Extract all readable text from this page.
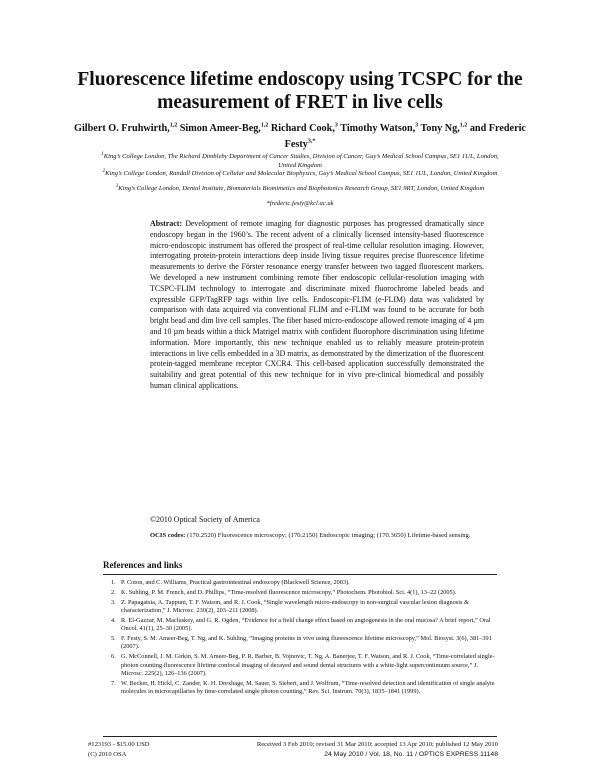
Fluorescence lifetime endoscopy using TCSPC for the measurement of FRET in live cells
Gilbert O. Fruhwirth,$^{1,2}$ Simon Ameer-Beg,$^{1,2}$ Richard Cook,$^3$ Timothy Watson,$^3$ Tony Ng,$^{1,2}$ and Frederic Festy$^{3,*}$
$^1$King’s College London, The Richard Dimbleby Department of Cancer Studies, Division of Cancer, Guy’s Medical School Campus, SE1 1UL, London, United Kingdom
$^2$King’s College London, Randall Division of Cellular and Molecular Biophysics, Guy’s Medical School Campus, SE1 1UL, London, United Kingdom
$^3$King’s College London, Dental Institute, Biomaterials Biomimetics and Biophotonics Research Group, SE1 9RT, London, United Kingdom
*frederic.festy@kcl.ac.uk
Abstract: Development of remote imaging for diagnostic purposes has progressed dramatically since endoscopy began in the 1960’s. The recent advent of a clinically licensed intensity-based fluorescence micro-endoscopic instrument has offered the prospect of real-time cellular resolution imaging. However, interrogating protein-protein interactions deep inside living tissue requires precise fluorescence lifetime measurements to derive the Förster resonance energy transfer between two tagged fluorescent markers. We developed a new instrument combining remote fiber endoscopic cellular-resolution imaging with TCSPC-FLIM technology to interrogate and discriminate mixed fluorochrome labeled beads and expressible GFP/TagRFP tags within live cells. Endoscopic-FLIM (e-FLIM) data was validated by comparison with data acquired via conventional FLIM and e-FLIM was found to be accurate for both bright bead and dim live cell samples. The fiber based micro-endoscope allowed remote imaging of 4 µm and 10 µm beads within a thick Matrigel matrix with confident fluorophore discrimination using lifetime information. More importantly, this new technique enabled us to reliably measure protein-protein interactions in live cells embedded in a 3D matrix, as demonstrated by the dimerization of the fluorescent protein-tagged membrane receptor CXCR4. This cell-based application successfully demonstrated the suitability and great potential of this new technique for in vivo pre-clinical biomedical and possibly human clinical applications.
©2010 Optical Society of America
OCIS codes: (170.2520) Fluorescence microscopy; (170.2150) Endoscopic imaging; (170.3650) Lifetime-based sensing.
References and links
1. P. Coton, and C. Williams, Practical gastrointestinal endoscopy (Blackwell Science, 2003).
2. K. Suhling, P. M. French, and D. Phillips, “Time-resolved fluorescence microscopy,” Photochem. Photobiol. Sci. 4(1), 13–22 (2005).
3. Z. Papagatsia, A. Tappuni, T. F. Watson, and R. J. Cook, “Single wavelength micro-endoscopy in non-surgical vascular lesion diagnosis & characterization,” J. Microsc. 230(2), 203–211 (2008).
4. R. El-Gazzar, M. Macluskey, and G. R. Ogden, “Evidence for a field change effect based on angiogenesis in the oral mucosa? A brief report,” Oral Oncol. 41(1), 25–30 (2005).
5. F. Festy, S. M. Ameer-Beg, T. Ng, and K. Suhling, “Imaging proteins in vivo using fluorescence lifetime microscopy,” Mol. Biosyst. 3(6), 381–391 (2007).
6. G. McConnell, J. M. Girkin, S. M. Ameer-Beg, P. R. Barber, B. Vojnovic, T. Ng, A. Banerjee, T. F. Watson, and R. J. Cook, “Time-correlated single-photon counting fluorescence lifetime confocal imaging of decayed and sound dental structures with a white-light supercontinuum source,” J. Microsc. 225(2), 126–136 (2007).
7. W. Becker, H. Hickl, C. Zander, K. H. Drexhage, M. Sauer, S. Siebert, and J. Wolfrum, “Time-resolved detection and identification of single analyte molecules in microcapillaries by time-correlated single photon counting,” Rev. Sci. Instrum. 70(3), 1835–1841 (1999).
#123193 - $15.00 USD	Received 3 Feb 2010; revised 31 Mar 2010; accepted 13 Apr 2010; published 12 May 2010
(C) 2010 OSA	24 May 2010 / Vol. 18, No. 11 / OPTICS EXPRESS 11148
